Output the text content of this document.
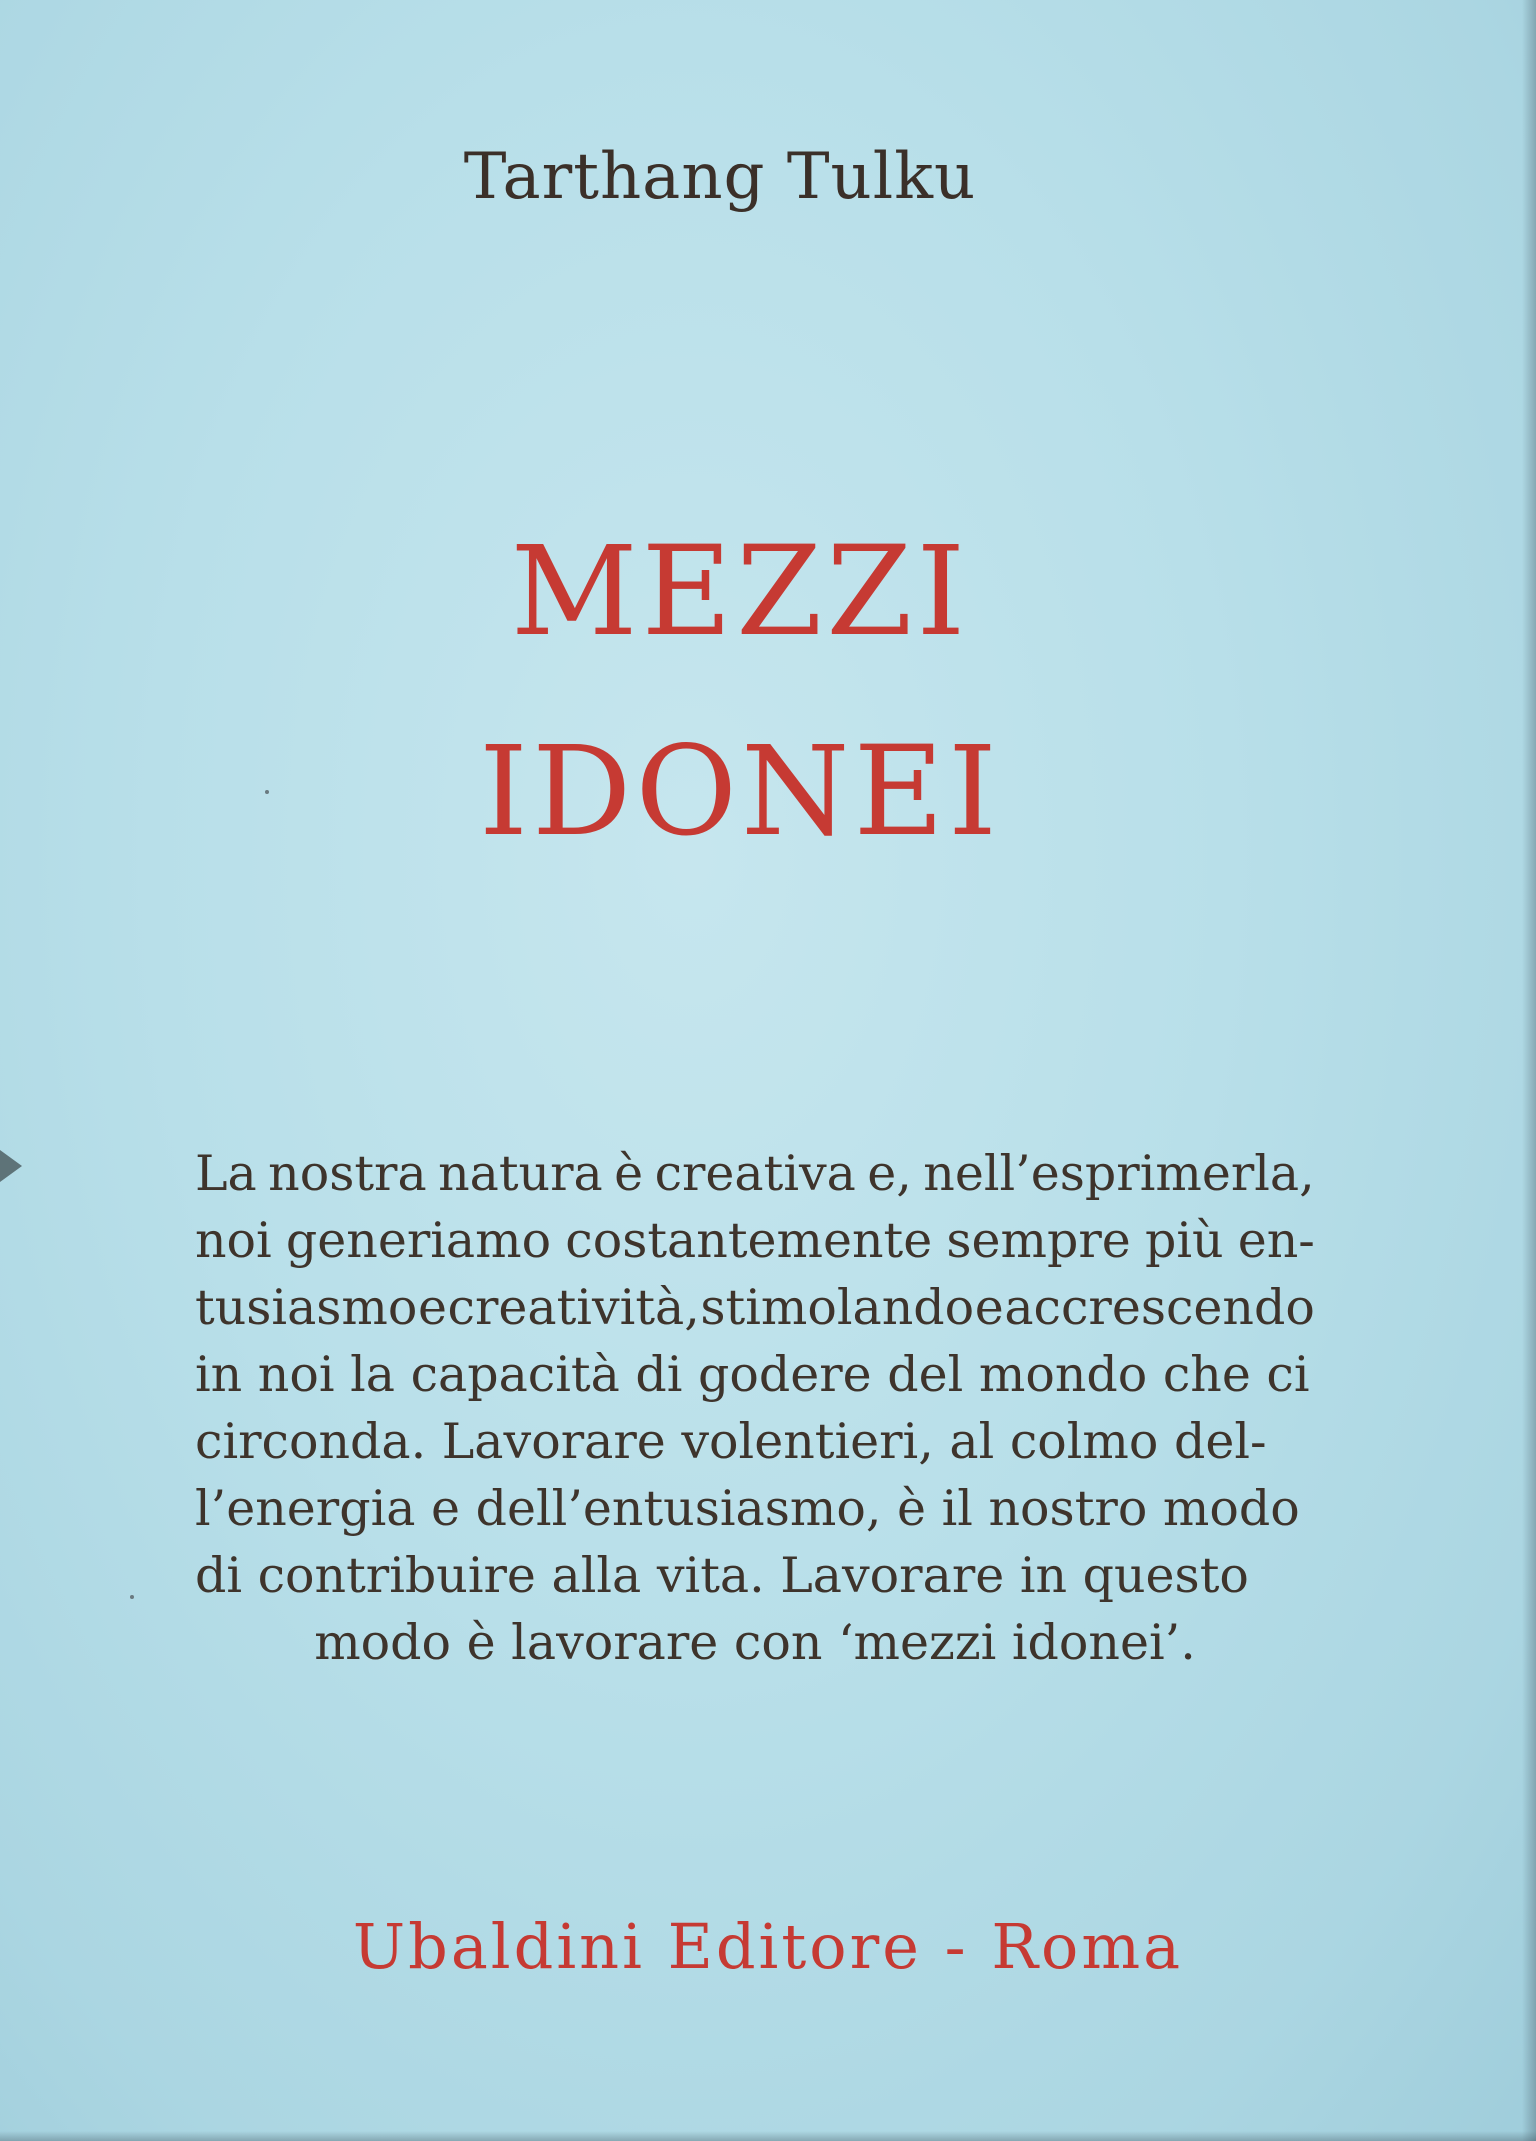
Tarthang Tulku
MEZZI
IDONEI
La nostra natura è creativa e, nell’esprimerla,
noi generiamo costantemente sempre più en-
tusiasmo e creatività, stimolando e accrescendo
in noi la capacità di godere del mondo che ci
circonda. Lavorare volentieri, al colmo del-
l’energia e dell’entusiasmo, è il nostro modo
di contribuire alla vita. Lavorare in questo
modo è lavorare con ‘mezzi idonei’.
Ubaldini Editore - Roma
